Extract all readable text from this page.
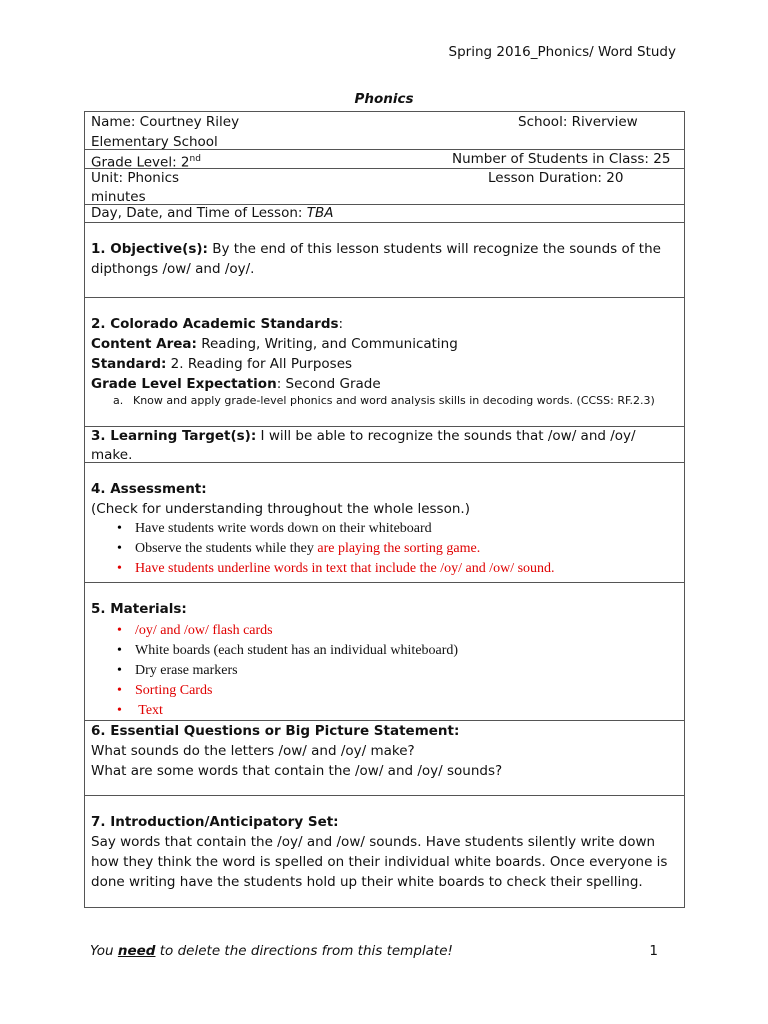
Spring 2016_Phonics/ Word Study
Phonics
Name: Courtney Riley	School: Riverview

Elementary School
Grade Level: 2nd	Number of Students in Class: 25
Unit: Phonics	Lesson Duration: 20

minutes
Day, Date, and Time of Lesson: TBA
1. Objective(s): By the end of this lesson students will recognize the sounds of the dipthongs /ow/ and /oy/.
2. Colorado Academic Standards:
Content Area: Reading, Writing, and Communicating
Standard: 2. Reading for All Purposes
Grade Level Expectation: Second Grade
a. Know and apply grade-level phonics and word analysis skills in decoding words. (CCSS: RF.2.3)
3. Learning Target(s): I will be able to recognize the sounds that /ow/ and /oy/ make.
4. Assessment:
(Check for understanding throughout the whole lesson.)
• Have students write words down on their whiteboard
• Observe the students while they are playing the sorting game.
• Have students underline words in text that include the /oy/ and /ow/ sound.
5. Materials:
• /oy/ and /ow/ flash cards
• White boards (each student has an individual whiteboard)
• Dry erase markers
• Sorting Cards
•  Text
6. Essential Questions or Big Picture Statement:
What sounds do the letters /ow/ and /oy/ make?
What are some words that contain the /ow/ and /oy/ sounds?
7. Introduction/Anticipatory Set:
Say words that contain the /oy/ and /ow/ sounds. Have students silently write down how they think the word is spelled on their individual white boards. Once everyone is done writing have the students hold up their white boards to check their spelling.
You need to delete the directions from this template!	1
